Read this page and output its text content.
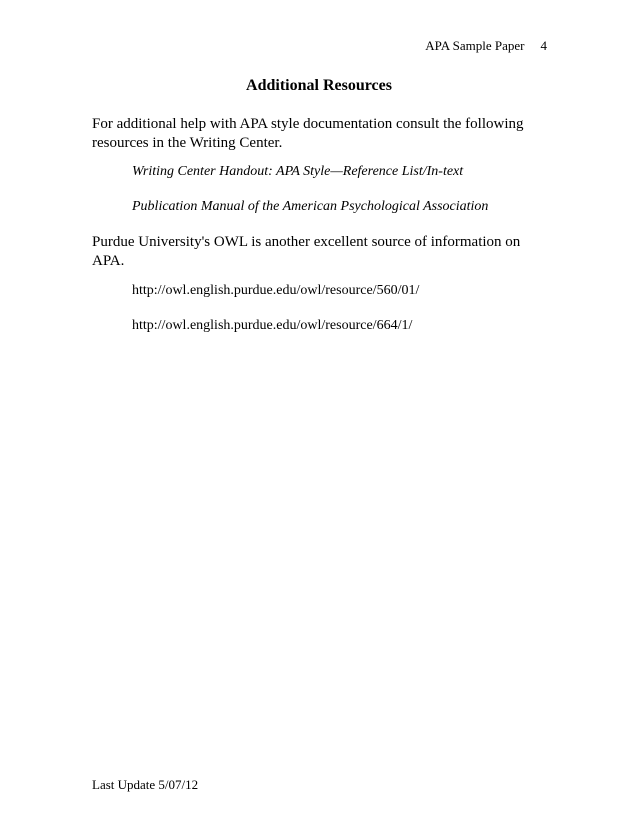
APA Sample Paper 4
Additional Resources
For additional help with APA style documentation consult the following resources in the Writing Center.
Writing Center Handout: APA Style—Reference List/In-text
Publication Manual of the American Psychological Association
Purdue University's OWL is another excellent source of information on APA.
http://owl.english.purdue.edu/owl/resource/560/01/
http://owl.english.purdue.edu/owl/resource/664/1/
Last Update 5/07/12
